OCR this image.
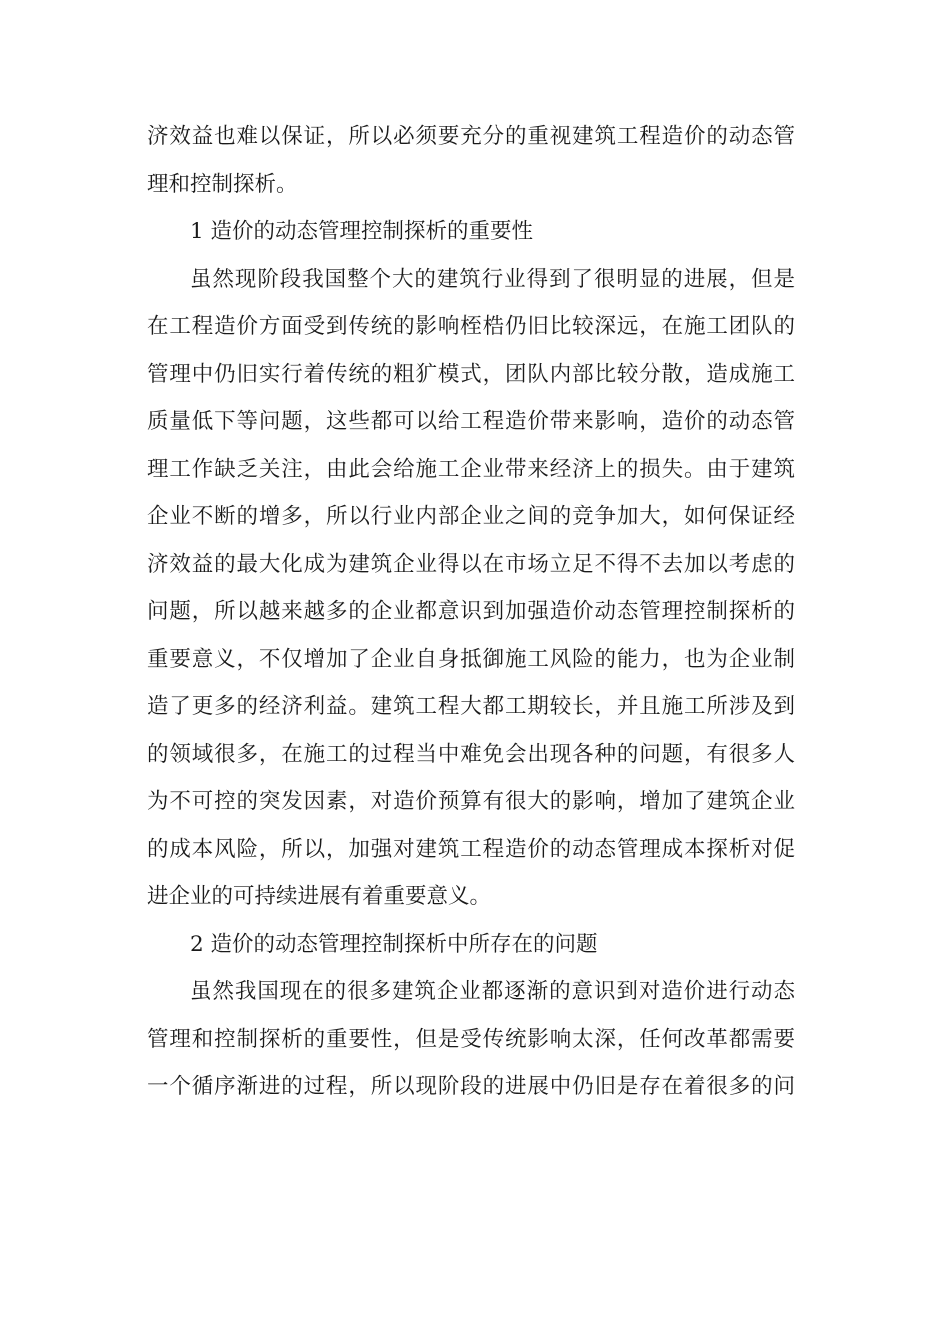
济效益也难以保证，所以必须要充分的重视建筑工程造价的动态管
理和控制探析。
1 造价的动态管理控制探析的重要性
虽然现阶段我国整个大的建筑行业得到了很明显的进展，但是
在工程造价方面受到传统的影响桎梏仍旧比较深远，在施工团队的
管理中仍旧实行着传统的粗犷模式，团队内部比较分散，造成施工
质量低下等问题，这些都可以给工程造价带来影响，造价的动态管
理工作缺乏关注，由此会给施工企业带来经济上的损失。由于建筑
企业不断的增多，所以行业内部企业之间的竞争加大，如何保证经
济效益的最大化成为建筑企业得以在市场立足不得不去加以考虑的
问题，所以越来越多的企业都意识到加强造价动态管理控制探析的
重要意义，不仅增加了企业自身抵御施工风险的能力，也为企业制
造了更多的经济利益。建筑工程大都工期较长，并且施工所涉及到
的领域很多，在施工的过程当中难免会出现各种的问题，有很多人
为不可控的突发因素，对造价预算有很大的影响，增加了建筑企业
的成本风险，所以，加强对建筑工程造价的动态管理成本探析对促
进企业的可持续进展有着重要意义。
2 造价的动态管理控制探析中所存在的问题
虽然我国现在的很多建筑企业都逐渐的意识到对造价进行动态
管理和控制探析的重要性，但是受传统影响太深，任何改革都需要
一个循序渐进的过程，所以现阶段的进展中仍旧是存在着很多的问
